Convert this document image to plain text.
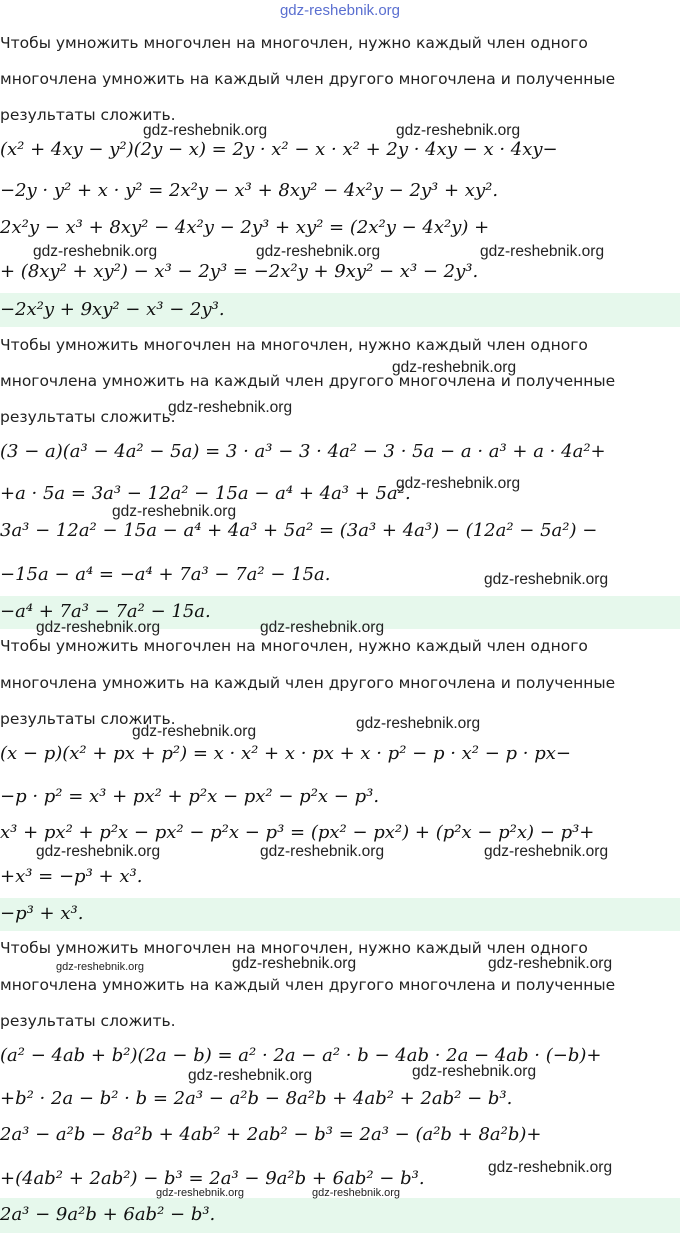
gdz-reshebnik.org
Чтобы умножить многочлен на многочлен, нужно каждый член одного
многочлена умножить на каждый член другого многочлена и полученные
результаты сложить.
(x² + 4xy − y²)(2y − x) = 2y · x² − x · x² + 2y · 4xy − x · 4xy−
−2y · y² + x · y² = 2x²y − x³ + 8xy² − 4x²y − 2y³ + xy².
2x²y − x³ + 8xy² − 4x²y − 2y³ + xy² = (2x²y − 4x²y) +
+ (8xy² + xy²) − x³ − 2y³ = −2x²y + 9xy² − x³ − 2y³.
−2x²y + 9xy² − x³ − 2y³.
Чтобы умножить многочлен на многочлен, нужно каждый член одного
многочлена умножить на каждый член другого многочлена и полученные
результаты сложить.
(3 − a)(a³ − 4a² − 5a) = 3 · a³ − 3 · 4a² − 3 · 5a − a · a³ + a · 4a²+
+a · 5a = 3a³ − 12a² − 15a − a⁴ + 4a³ + 5a².
3a³ − 12a² − 15a − a⁴ + 4a³ + 5a² = (3a³ + 4a³) − (12a² − 5a²) −
−15a − a⁴ = −a⁴ + 7a³ − 7a² − 15a.
−a⁴ + 7a³ − 7a² − 15a.
Чтобы умножить многочлен на многочлен, нужно каждый член одного
многочлена умножить на каждый член другого многочлена и полученные
результаты сложить.
(x − p)(x² + px + p²) = x · x² + x · px + x · p² − p · x² − p · px−
−p · p² = x³ + px² + p²x − px² − p²x − p³.
x³ + px² + p²x − px² − p²x − p³ = (px² − px²) + (p²x − p²x) − p³+
+x³ = −p³ + x³.
−p³ + x³.
Чтобы умножить многочлен на многочлен, нужно каждый член одного
многочлена умножить на каждый член другого многочлена и полученные
результаты сложить.
(a² − 4ab + b²)(2a − b) = a² · 2a − a² · b − 4ab · 2a − 4ab · (−b)+
+b² · 2a − b² · b = 2a³ − a²b − 8a²b + 4ab² + 2ab² − b³.
2a³ − a²b − 8a²b + 4ab² + 2ab² − b³ = 2a³ − (a²b + 8a²b)+
+(4ab² + 2ab²) − b³ = 2a³ − 9a²b + 6ab² − b³.
2a³ − 9a²b + 6ab² − b³.
gdz-reshebnik.org	gdz-reshebnik.org
gdz-reshebnik.org	gdz-reshebnik.org	gdz-reshebnik.org
gdz-reshebnik.org
gdz-reshebnik.org
gdz-reshebnik.org
gdz-reshebnik.org
gdz-reshebnik.org
gdz-reshebnik.org	gdz-reshebnik.org
gdz-reshebnik.org	gdz-reshebnik.org
gdz-reshebnik.org	gdz-reshebnik.org	gdz-reshebnik.org
gdz-reshebnik.org	gdz-reshebnik.org	gdz-reshebnik.org
gdz-reshebnik.org	gdz-reshebnik.org
gdz-reshebnik.org
gdz-reshebnik.org	gdz-reshebnik.org
